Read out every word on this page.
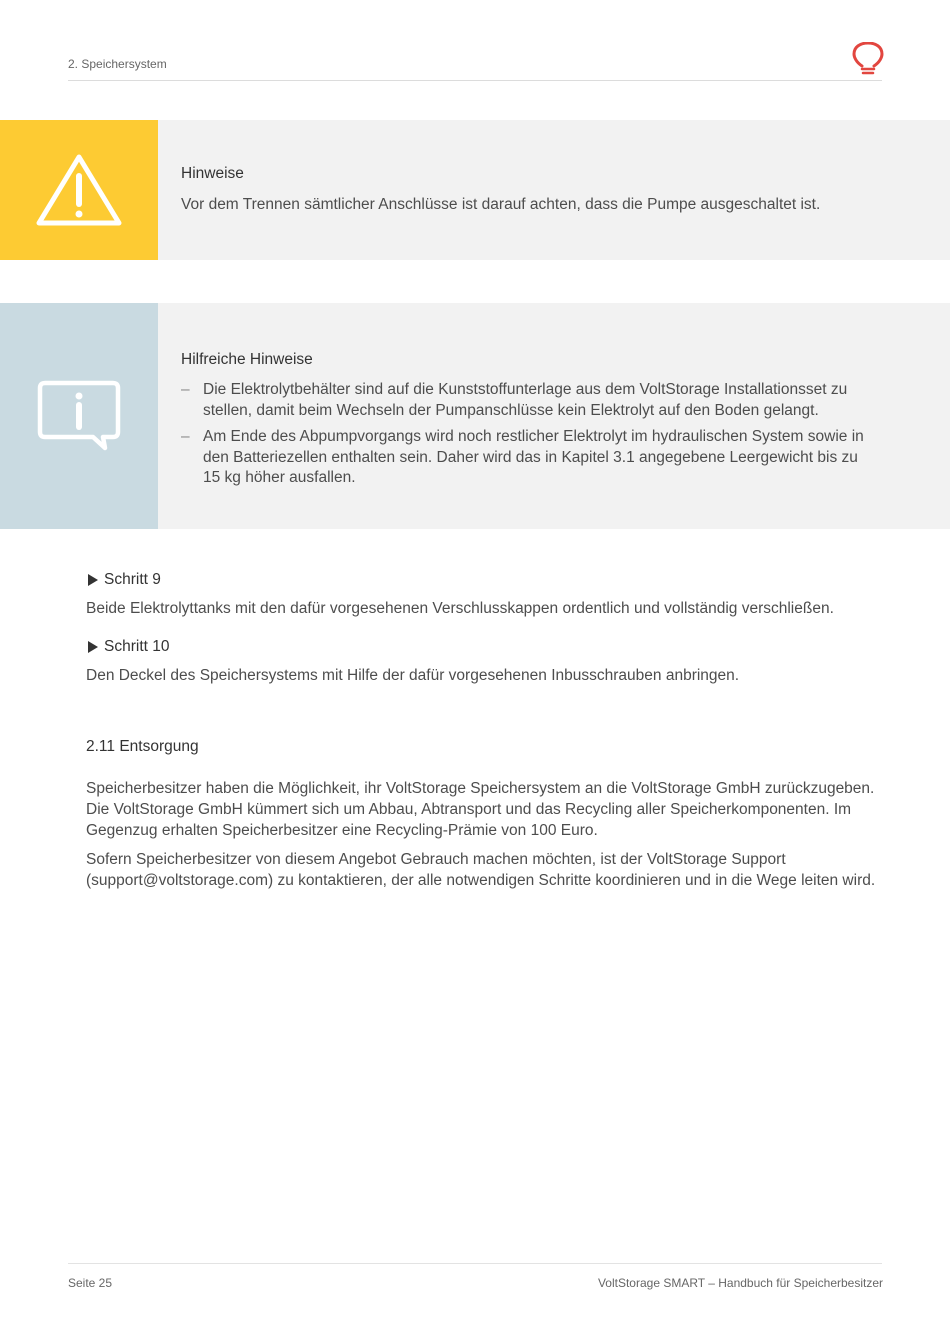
2. Speichersystem

Hinweise

Vor dem Trennen sämtlicher Anschlüsse ist darauf achten, dass die Pumpe ausgeschaltet ist.

Hilfreiche Hinweise

– Die Elektrolytbehälter sind auf die Kunststoffunterlage aus dem VoltStorage Installationsset zu stellen, damit beim Wechseln der Pumpanschlüsse kein Elektrolyt auf den Boden gelangt.
– Am Ende des Abpumpvorgangs wird noch restlicher Elektrolyt im hydraulischen System sowie in den Batteriezellen enthalten sein. Daher wird das in Kapitel 3.1 angegebene Leergewicht bis zu 15 kg höher ausfallen.
Schritt 9

Beide Elektrolyttanks mit den dafür vorgesehenen Verschlusskappen ordentlich und vollständig verschließen.

Schritt 10

Den Deckel des Speichersystems mit Hilfe der dafür vorgesehenen Inbusschrauben anbringen.

2.11 Entsorgung

Speicherbesitzer haben die Möglichkeit, ihr VoltStorage Speichersystem an die VoltStorage GmbH zurückzugeben. Die VoltStorage GmbH kümmert sich um Abbau, Abtransport und das Recycling aller Speicherkomponenten. Im Gegenzug erhalten Speicherbesitzer eine Recycling-Prämie von 100 Euro.

Sofern Speicherbesitzer von diesem Angebot Gebrauch machen möchten, ist der VoltStorage Support (support@voltstorage.com) zu kontaktieren, der alle notwendigen Schritte koordinieren und in die Wege leiten wird.

Seite 25	VoltStorage SMART – Handbuch für Speicherbesitzer
